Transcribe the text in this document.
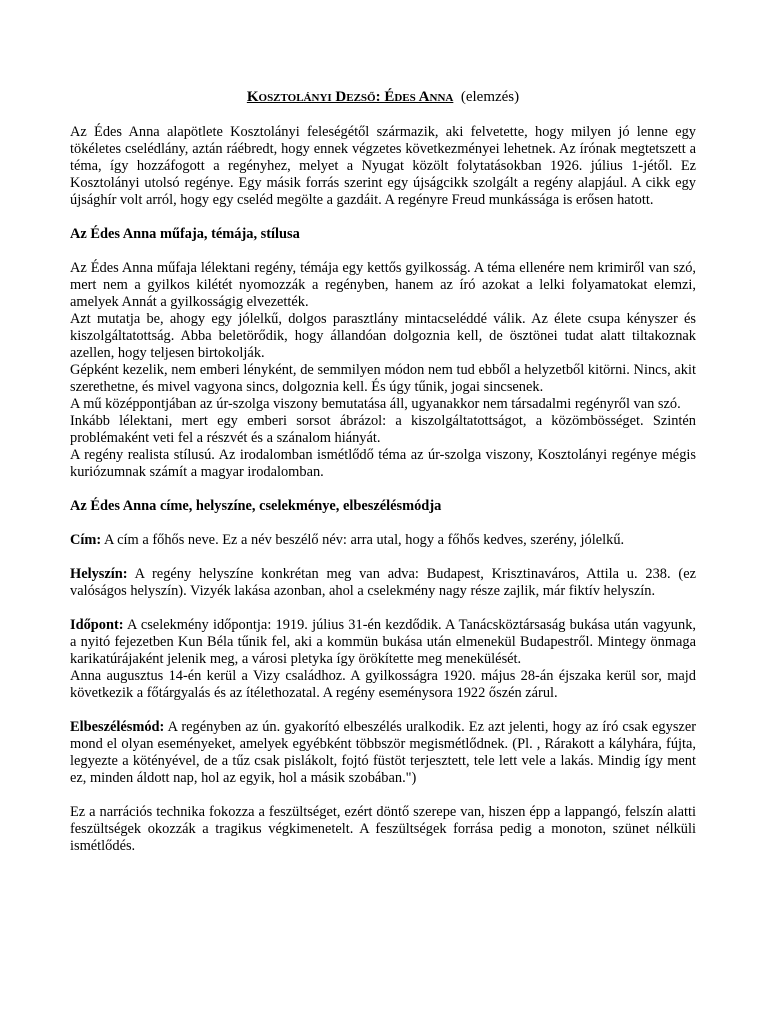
Kosztolányi Dezső: Édes Anna (elemzés)

Az Édes Anna alapötlete Kosztolányi feleségétől származik, aki felvetette, hogy milyen jó lenne egy tökéletes cselédlány, aztán ráébredt, hogy ennek végzetes következményei lehetnek. Az írónak megtetszett a téma, így hozzáfogott a regényhez, melyet a Nyugat közölt folytatásokban 1926. július 1-jétől. Ez Kosztolányi utolsó regénye. Egy másik forrás szerint egy újságcikk szolgált a regény alapjául. A cikk egy újsághír volt arról, hogy egy cseléd megölte a gazdáit. A regényre Freud munkássága is erősen hatott.

Az Édes Anna műfaja, témája, stílusa

Az Édes Anna műfaja lélektani regény, témája egy kettős gyilkosság. A téma ellenére nem krimiről van szó, mert nem a gyilkos kilétét nyomozzák a regényben, hanem az író azokat a lelki folyamatokat elemzi, amelyek Annát a gyilkosságig elvezették.

Azt mutatja be, ahogy egy jólelkű, dolgos parasztlány mintacseléddé válik. Az élete csupa kényszer és kiszolgáltatottság. Abba beletörődik, hogy állandóan dolgoznia kell, de ösztönei tudat alatt tiltakoznak azellen, hogy teljesen birtokolják.

Gépként kezelik, nem emberi lényként, de semmilyen módon nem tud ebből a helyzetből kitörni. Nincs, akit szerethetne, és mivel vagyona sincs, dolgoznia kell. És úgy tűnik, jogai sincsenek.

A mű középpontjában az úr-szolga viszony bemutatása áll, ugyanakkor nem társadalmi regényről van szó.

Inkább lélektani, mert egy emberi sorsot ábrázol: a kiszolgáltatottságot, a közömbösséget. Szintén problémaként veti fel a részvét és a szánalom hiányát.

A regény realista stílusú. Az irodalomban ismétlődő téma az úr-szolga viszony, Kosztolányi regénye mégis kuriózumnak számít a magyar irodalomban.

Az Édes Anna címe, helyszíne, cselekménye, elbeszélésmódja

Cím: A cím a főhős neve. Ez a név beszélő név: arra utal, hogy a főhős kedves, szerény, jólelkű.

Helyszín: A regény helyszíne konkrétan meg van adva: Budapest, Krisztinaváros, Attila u. 238. (ez valóságos helyszín). Vizyék lakása azonban, ahol a cselekmény nagy része zajlik, már fiktív helyszín.

Időpont: A cselekmény időpontja: 1919. július 31-én kezdődik. A Tanácsköztársaság bukása után vagyunk, a nyitó fejezetben Kun Béla tűnik fel, aki a kommün bukása után elmenekül Budapestről. Mintegy önmaga karikatúrájaként jelenik meg, a városi pletyka így örökítette meg menekülését.

Anna augusztus 14-én kerül a Vizy családhoz. A gyilkosságra 1920. május 28-án éjszaka kerül sor, majd következik a főtárgyalás és az ítélethozatal. A regény eseménysora 1922 őszén zárul.

Elbeszélésmód: A regényben az ún. gyakorító elbeszélés uralkodik. Ez azt jelenti, hogy az író csak egyszer mond el olyan eseményeket, amelyek egyébként többször megismétlődnek. (Pl. , Rárakott a kályhára, fújta, legyezte a kötényével, de a tűz csak pislákolt, fojtó füstöt terjesztett, tele lett vele a lakás. Mindig így ment ez, minden áldott nap, hol az egyik, hol a másik szobában.")

Ez a narrációs technika fokozza a feszültséget, ezért döntő szerepe van, hiszen épp a lappangó, felszín alatti feszültségek okozzák a tragikus végkimenetelt. A feszültségek forrása pedig a monoton, szünet nélküli ismétlődés.
